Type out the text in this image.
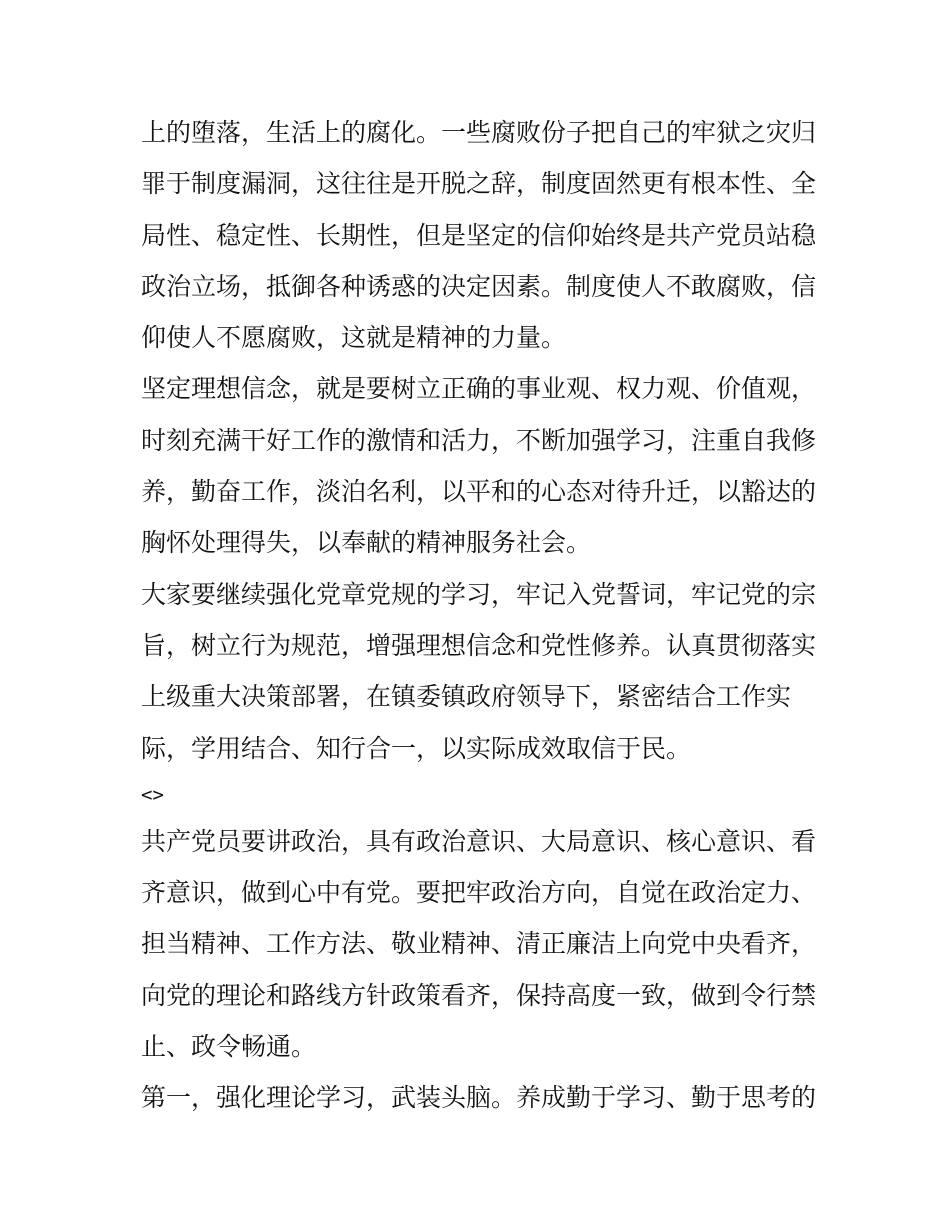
上的堕落，生活上的腐化。一些腐败份子把自己的牢狱之灾归
罪于制度漏洞，这往往是开脱之辞，制度固然更有根本性、全
局性、稳定性、长期性，但是坚定的信仰始终是共产党员站稳
政治立场，抵御各种诱惑的决定因素。制度使人不敢腐败，信
仰使人不愿腐败，这就是精神的力量。
坚定理想信念，就是要树立正确的事业观、权力观、价值观，
时刻充满干好工作的激情和活力，不断加强学习，注重自我修
养，勤奋工作，淡泊名利，以平和的心态对待升迁，以豁达的
胸怀处理得失，以奉献的精神服务社会。
大家要继续强化党章党规的学习，牢记入党誓词，牢记党的宗
旨，树立行为规范，增强理想信念和党性修养。认真贯彻落实
上级重大决策部署，在镇委镇政府领导下，紧密结合工作实
际，学用结合、知行合一，以实际成效取信于民。
<>
共产党员要讲政治，具有政治意识、大局意识、核心意识、看
齐意识，做到心中有党。要把牢政治方向，自觉在政治定力、
担当精神、工作方法、敬业精神、清正廉洁上向党中央看齐，
向党的理论和路线方针政策看齐，保持高度一致，做到令行禁
止、政令畅通。
第一，强化理论学习，武装头脑。养成勤于学习、勤于思考的
